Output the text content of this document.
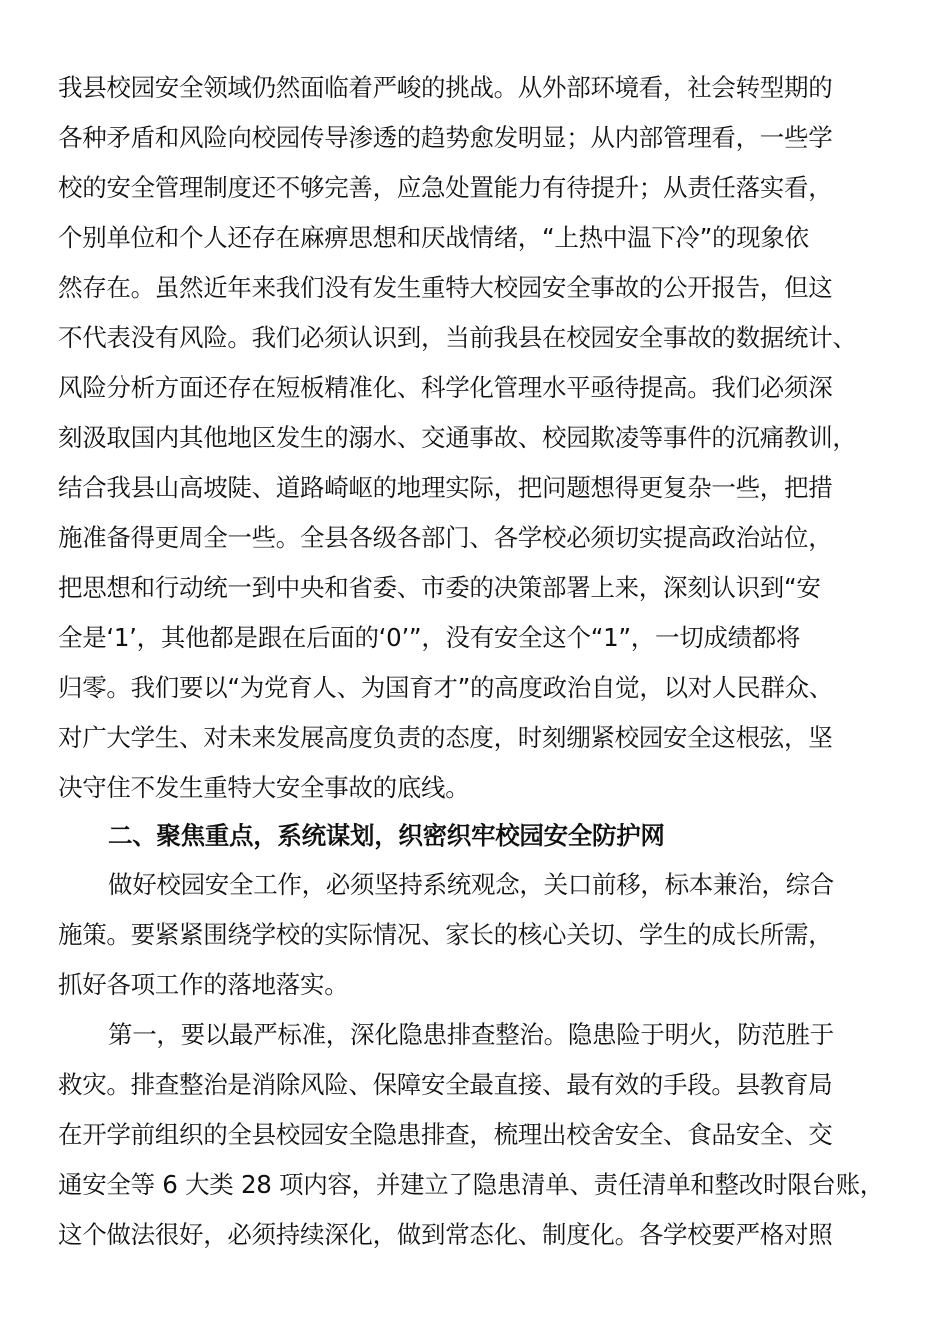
我县校园安全领域仍然面临着严峻的挑战。从外部环境看，社会转型期的
各种矛盾和风险向校园传导渗透的趋势愈发明显；从内部管理看，一些学
校的安全管理制度还不够完善，应急处置能力有待提升；从责任落实看，
个别单位和个人还存在麻痹思想和厌战情绪，“上热中温下冷”的现象依
然存在。虽然近年来我们没有发生重特大校园安全事故的公开报告，但这
不代表没有风险。我们必须认识到，当前我县在校园安全事故的数据统计、
风险分析方面还存在短板精准化、科学化管理水平亟待提高。我们必须深
刻汲取国内其他地区发生的溺水、交通事故、校园欺凌等事件的沉痛教训，
结合我县山高坡陡、道路崎岖的地理实际，把问题想得更复杂一些，把措
施准备得更周全一些。全县各级各部门、各学校必须切实提高政治站位，
把思想和行动统一到中央和省委、市委的决策部署上来，深刻认识到“安
全是‘1’，其他都是跟在后面的‘0’”，没有安全这个“1”，一切成绩都将
归零。我们要以“为党育人、为国育才”的高度政治自觉，以对人民群众、
对广大学生、对未来发展高度负责的态度，时刻绷紧校园安全这根弦，坚
决守住不发生重特大安全事故的底线。
二、聚焦重点，系统谋划，织密织牢校园安全防护网
做好校园安全工作，必须坚持系统观念，关口前移，标本兼治，综合
施策。要紧紧围绕学校的实际情况、家长的核心关切、学生的成长所需，
抓好各项工作的落地落实。
第一，要以最严标准，深化隐患排查整治。隐患险于明火，防范胜于
救灾。排查整治是消除风险、保障安全最直接、最有效的手段。县教育局
在开学前组织的全县校园安全隐患排查，梳理出校舍安全、食品安全、交
通安全等 6 大类 28 项内容，并建立了隐患清单、责任清单和整改时限台账，
这个做法很好，必须持续深化，做到常态化、制度化。各学校要严格对照
